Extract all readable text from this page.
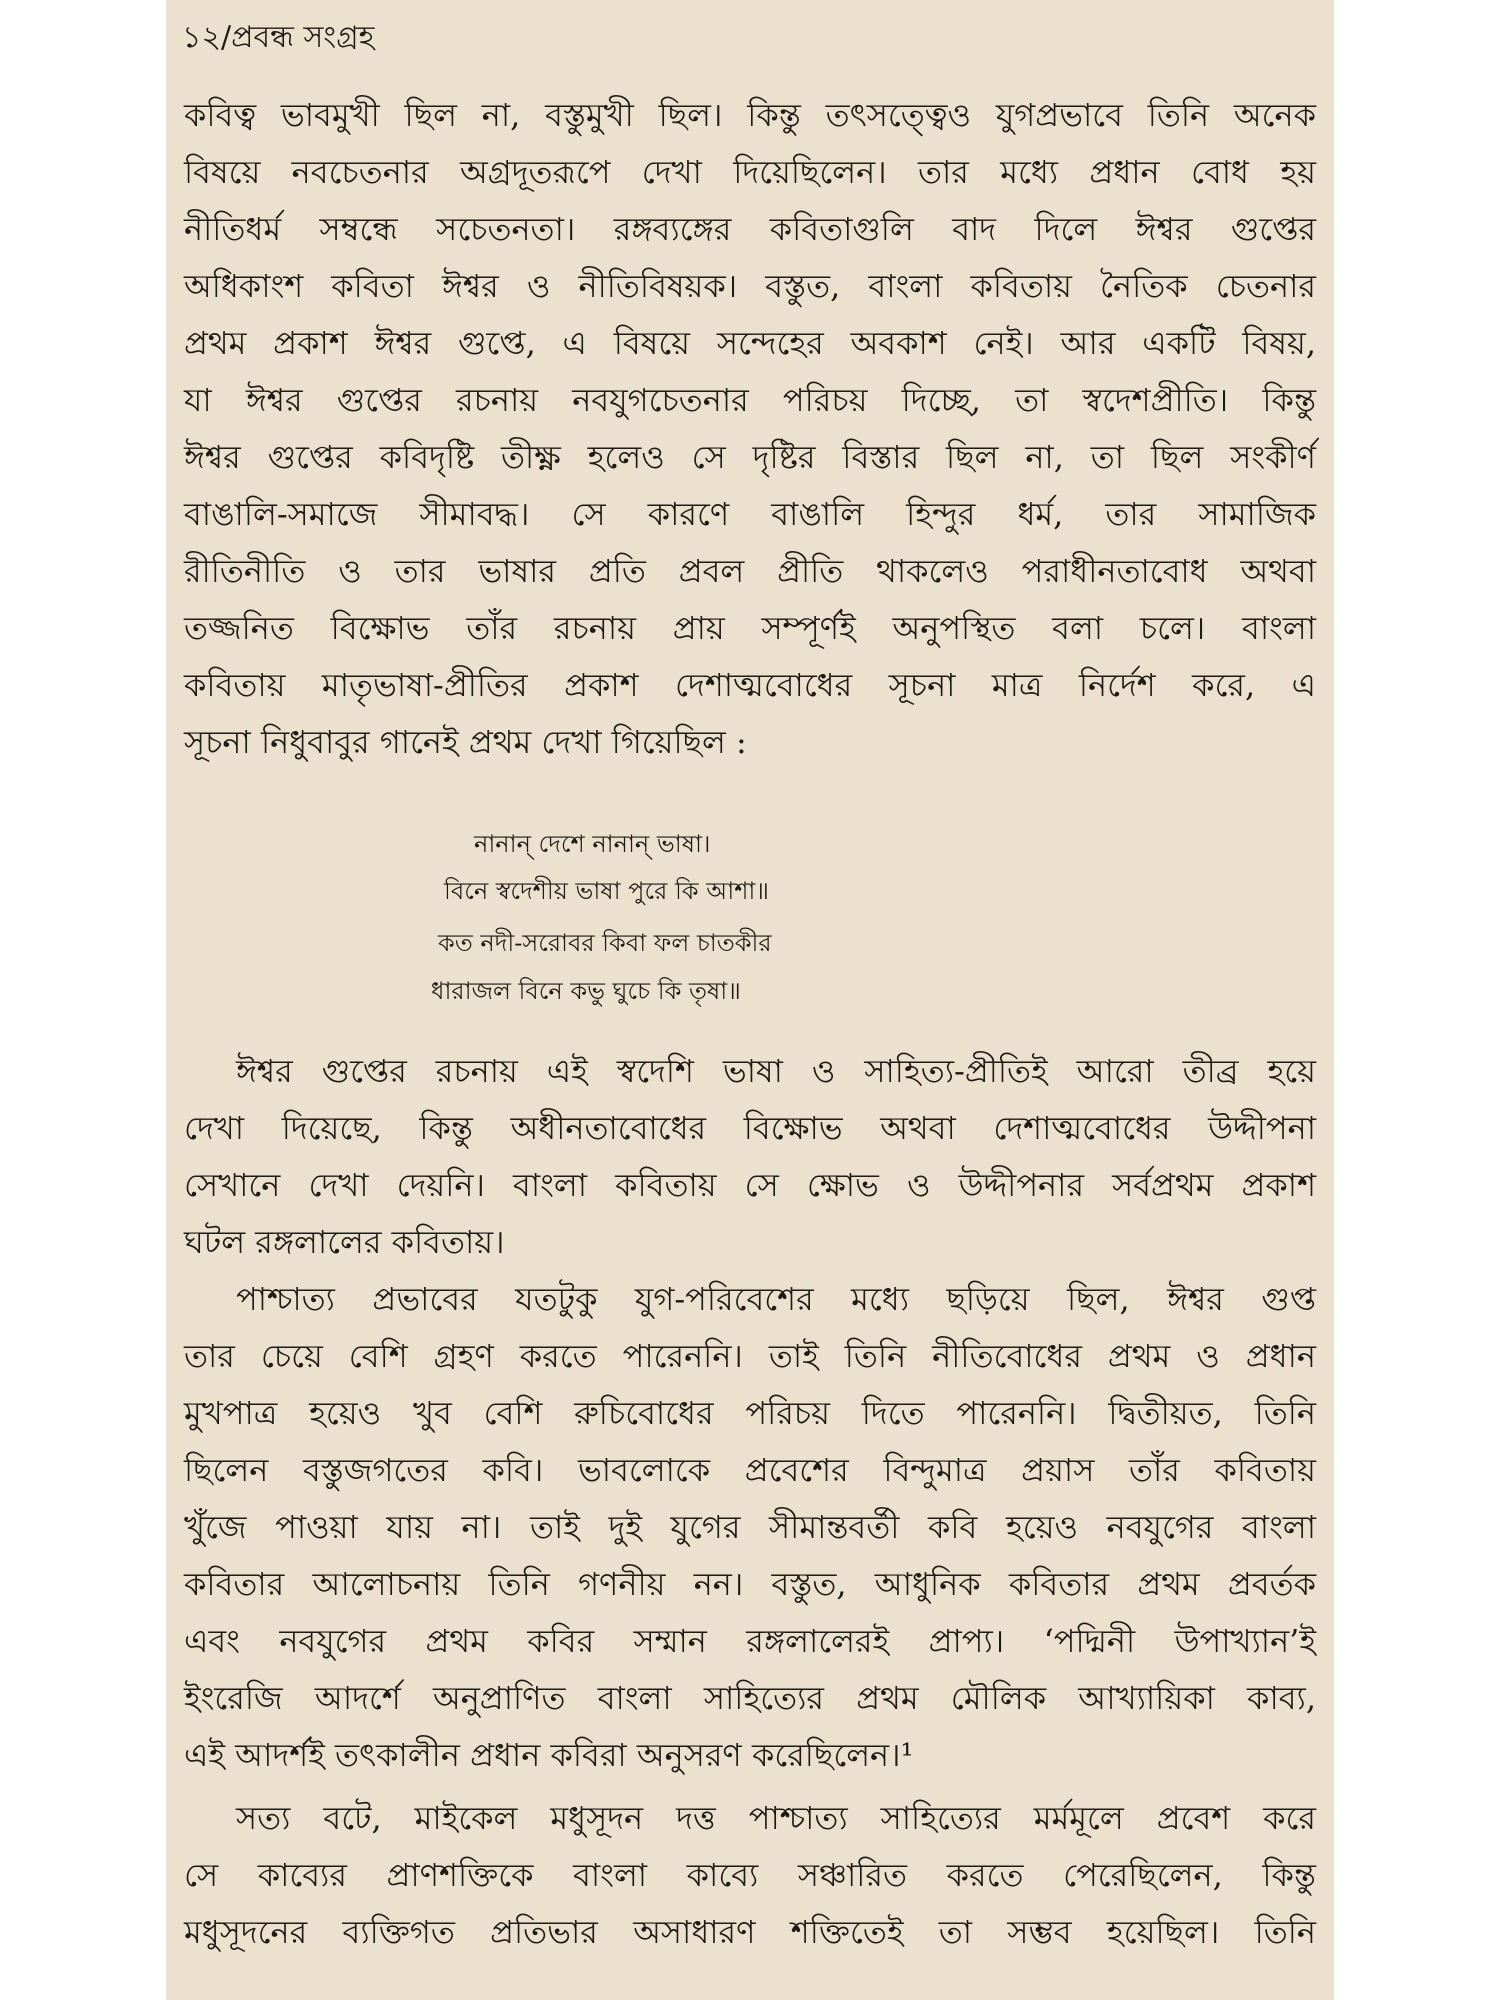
১২/প্রবন্ধ সংগ্রহ
কবিত্ব ভাবমুখী ছিল না, বস্তুমুখী ছিল। কিন্তু তৎসত্ত্বেও যুগপ্রভাবে তিনি অনেক
বিষয়ে নবচেতনার অগ্রদূতরূপে দেখা দিয়েছিলেন। তার মধ্যে প্রধান বোধ হয়
নীতিধর্ম সম্বন্ধে সচেতনতা। রঙ্গব্যঙ্গের কবিতাগুলি বাদ দিলে ঈশ্বর গুপ্তের
অধিকাংশ কবিতা ঈশ্বর ও নীতিবিষয়ক। বস্তুত, বাংলা কবিতায় নৈতিক চেতনার
প্রথম প্রকাশ ঈশ্বর গুপ্তে, এ বিষয়ে সন্দেহের অবকাশ নেই। আর একটি বিষয়,
যা ঈশ্বর গুপ্তের রচনায় নবযুগচেতনার পরিচয় দিচ্ছে, তা স্বদেশপ্রীতি। কিন্তু
ঈশ্বর গুপ্তের কবিদৃষ্টি তীক্ষ্ণ হলেও সে দৃষ্টির বিস্তার ছিল না, তা ছিল সংকীর্ণ
বাঙালি-সমাজে সীমাবদ্ধ। সে কারণে বাঙালি হিন্দুর ধর্ম, তার সামাজিক
রীতিনীতি ও তার ভাষার প্রতি প্রবল প্রীতি থাকলেও পরাধীনতাবোধ অথবা
তজ্জনিত বিক্ষোভ তাঁর রচনায় প্রায় সম্পূর্ণই অনুপস্থিত বলা চলে। বাংলা
কবিতায় মাতৃভাষা-প্রীতির প্রকাশ দেশাত্মবোধের সূচনা মাত্র নির্দেশ করে, এ
সূচনা নিধুবাবুর গানেই প্রথম দেখা গিয়েছিল :
নানান্ দেশে নানান্ ভাষা।
বিনে স্বদেশীয় ভাষা পুরে কি আশা॥
কত নদী-সরোবর কিবা ফল চাতকীর
ধারাজল বিনে কভু ঘুচে কি তৃষা॥
ঈশ্বর গুপ্তের রচনায় এই স্বদেশি ভাষা ও সাহিত্য-প্রীতিই আরো তীব্র হয়ে
দেখা দিয়েছে, কিন্তু অধীনতাবোধের বিক্ষোভ অথবা দেশাত্মবোধের উদ্দীপনা
সেখানে দেখা দেয়নি। বাংলা কবিতায় সে ক্ষোভ ও উদ্দীপনার সর্বপ্রথম প্রকাশ
ঘটল রঙ্গলালের কবিতায়।
পাশ্চাত্য প্রভাবের যতটুকু যুগ-পরিবেশের মধ্যে ছড়িয়ে ছিল, ঈশ্বর গুপ্ত
তার চেয়ে বেশি গ্রহণ করতে পারেননি। তাই তিনি নীতিবোধের প্রথম ও প্রধান
মুখপাত্র হয়েও খুব বেশি রুচিবোধের পরিচয় দিতে পারেননি। দ্বিতীয়ত, তিনি
ছিলেন বস্তুজগতের কবি। ভাবলোকে প্রবেশের বিন্দুমাত্র প্রয়াস তাঁর কবিতায়
খুঁজে পাওয়া যায় না। তাই দুই যুগের সীমান্তবর্তী কবি হয়েও নবযুগের বাংলা
কবিতার আলোচনায় তিনি গণনীয় নন। বস্তুত, আধুনিক কবিতার প্রথম প্রবর্তক
এবং নবযুগের প্রথম কবির সম্মান রঙ্গলালেরই প্রাপ্য। ‘পদ্মিনী উপাখ্যান’ই
ইংরেজি আদর্শে অনুপ্রাণিত বাংলা সাহিত্যের প্রথম মৌলিক আখ্যায়িকা কাব্য,
এই আদর্শই তৎকালীন প্রধান কবিরা অনুসরণ করেছিলেন।¹
সত্য বটে, মাইকেল মধুসূদন দত্ত পাশ্চাত্য সাহিত্যের মর্মমূলে প্রবেশ করে
সে কাব্যের প্রাণশক্তিকে বাংলা কাব্যে সঞ্চারিত করতে পেরেছিলেন, কিন্তু
মধুসূদনের ব্যক্তিগত প্রতিভার অসাধারণ শক্তিতেই তা সম্ভব হয়েছিল। তিনি
